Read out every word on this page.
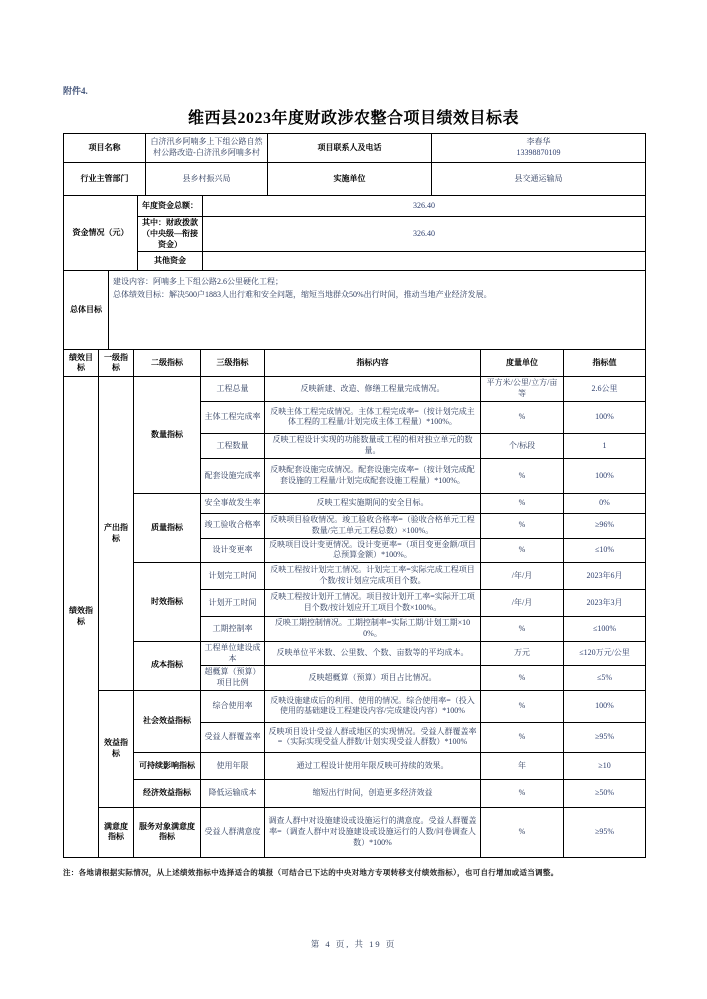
附件4.
维西县2023年度财政涉农整合项目绩效目标表
项目名称	白济汛乡阿喃多上下组公路自然村公路改造-白济汛乡阿喃多村	项目联系人及电话	李春华
13398870109

行业主管部门	县乡村振兴局	实施单位	县交通运输局
资金情况（元）	年度资金总额：	326.40
	其中：财政拨款（中央级—衔接资金）	326.40
	其他资金	
总体目标	
建设内容：阿喃多上下组公路2.6公里硬化工程；
总体绩效目标：解决500户1883人出行难和安全问题，缩短当地群众50%出行时间，推动当地产业经济发展。
绩效目标	一级指标	二级指标	三级指标	指标内容	度量单位	指标值
绩效指标	产出指标	数量指标	工程总量	反映新建、改造、修缮工程量完成情况。	平方米/公里/立方/亩等	2.6公里
			主体工程完成率	反映主体工程完成情况。主体工程完成率=（按计划完成主体工程的工程量/计划完成主体工程量）*100%。	%	100%
			工程数量	反映工程设计实现的功能数量或工程的相对独立单元的数量。	个/标段	1
			配套设施完成率	反映配套设施完成情况。配套设施完成率=（按计划完成配套设施的工程量/计划完成配套设施工程量）*100%。	%	100%
		质量指标	安全事故发生率	反映工程实施期间的安全目标。	%	0%
			竣工验收合格率	反映项目验收情况。竣工验收合格率=（验收合格单元工程数量/完工单元工程总数）×100%。	%	≥96%
			设计变更率	反映项目设计变更情况。设计变更率=（项目变更金额/项目总预算金额）*100%。	%	≤10%
		时效指标	计划完工时间	反映工程按计划完工情况。计划完工率=实际完成工程项目个数/按计划应完成项目个数。	/年/月	2023年6月
			计划开工时间	反映工程按计划开工情况。项目按计划开工率=实际开工项目个数/按计划应开工项目个数×100%。	/年/月	2023年3月
			工期控制率	反映工期控制情况。工期控制率=实际工期/计划工期×100%。	%	≤100%
		成本指标	工程单位建设成本	反映单位平米数、公里数、个数、亩数等的平均成本。	万元	≤120万元/公里
			超概算（预算）项目比例	反映超概算（预算）项目占比情况。	%	≤5%
	效益指标	社会效益指标	综合使用率	反映设施建成后的利用、使用的情况。综合使用率=（投入使用的基础建设工程建设内容/完成建设内容）*100%	%	100%
			受益人群覆盖率	反映项目设计受益人群或地区的实现情况。受益人群覆盖率=（实际实现受益人群数/计划实现受益人群数）*100%	%	≥95%
		可持续影响指标	使用年限	通过工程设计使用年限反映可持续的效果。	年	≥10
		经济效益指标	降低运输成本	缩短出行时间，创造更多经济效益	%	≥50%
	满意度指标	服务对象满意度指标	受益人群满意度	调查人群中对设施建设或设施运行的满意度。受益人群覆盖率=（调查人群中对设施建设或设施运行的人数/问卷调查人数）*100%	%	≥95%
注：各地请根据实际情况，从上述绩效指标中选择适合的填报（可结合已下达的中央对地方专项转移支付绩效指标），也可自行增加或适当调整。
第 4 页, 共 19 页
